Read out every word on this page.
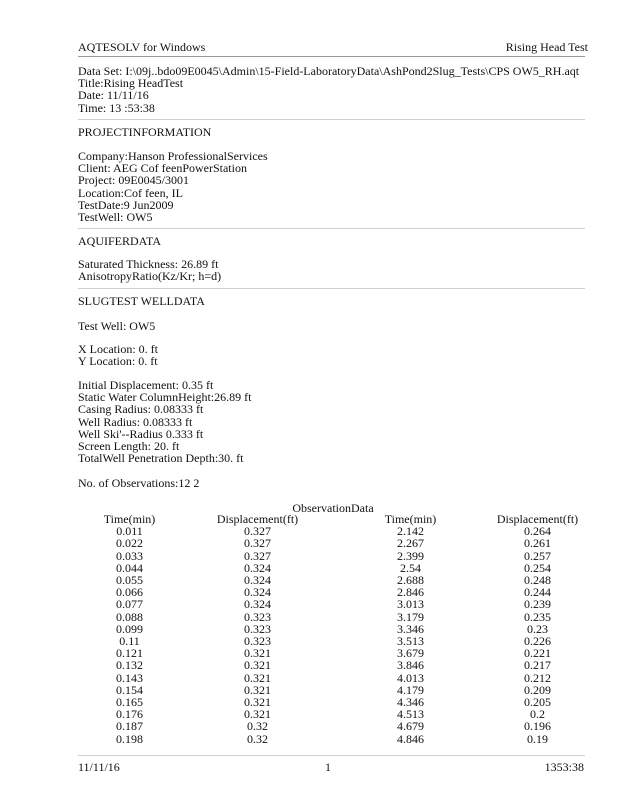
AQTESOLV for Windows	Rising Head Test
Data Set: I:\09j..bdo09E0045\Admin\15-Field-LaboratoryData\AshPond2Slug_Tests\CPS OW5_RH.aqt
Title:Rising HeadTest
Date: 11/11/16
Time: 13 :53:38
PROJECTINFORMATION
Company:Hanson ProfessionalServices
Client: AEG Cof feenPowerStation
Project: 09E0045/3001
Location:Cof feen, IL
TestDate:9 Jun2009
TestWell: OW5
AQUIFERDATA
Saturated Thickness: 26.89 ft
AnisotropyRatio(Kz/Kr; h=d)
SLUGTEST WELLDATA
Test Well: OW5
X Location: 0. ft
Y Location: 0. ft
Initial Displacement: 0.35 ft
Static Water ColumnHeight:26.89 ft
Casing Radius: 0.08333 ft
Well Radius: 0.08333 ft
Well Ski'--Radius 0.333 ft
Screen Length: 20. ft
TotalWell Penetration Depth:30. ft
No. of Observations:12 2
ObservationData
Time(min)	Displacement(ft)	Time(min)	Displacement(ft)
0.011	0.327	2.142	0.264
0.022	0.327	2.267	0.261
0.033	0.327	2.399	0.257
0.044	0.324	2.54	0.254
0.055	0.324	2.688	0.248
0.066	0.324	2.846	0.244
0.077	0.324	3.013	0.239
0.088	0.323	3.179	0.235
0.099	0.323	3.346	0.23
0.11	0.323	3.513	0.226
0.121	0.321	3.679	0.221
0.132	0.321	3.846	0.217
0.143	0.321	4.013	0.212
0.154	0.321	4.179	0.209
0.165	0.321	4.346	0.205
0.176	0.321	4.513	0.2
0.187	0.32	4.679	0.196
0.198	0.32	4.846	0.19
11/11/16	1	1353:38
